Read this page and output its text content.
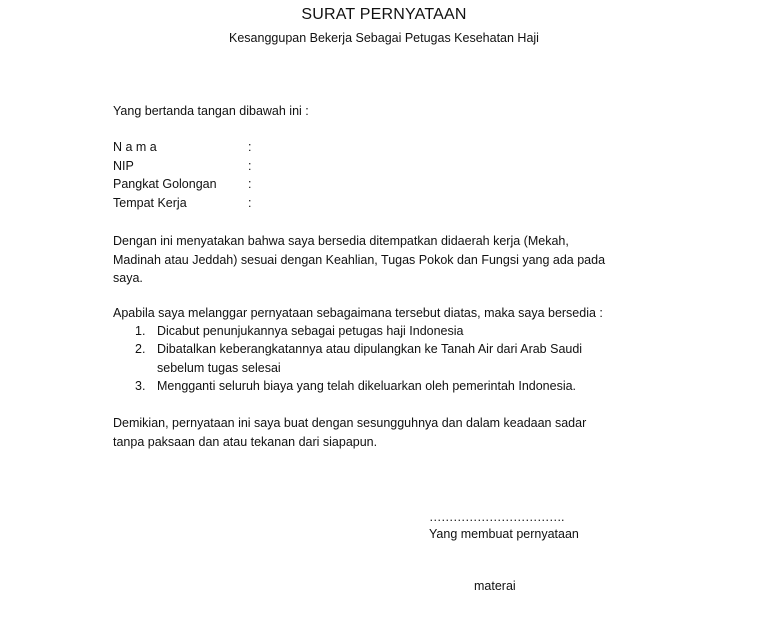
SURAT PERNYATAAN
Kesanggupan Bekerja Sebagai Petugas Kesehatan Haji
Yang bertanda tangan dibawah ini :
N a m a	:
NIP	:
Pangkat Golongan	:
Tempat Kerja	:
Dengan ini menyatakan bahwa saya bersedia ditempatkan didaerah kerja (Mekah,
Madinah atau Jeddah) sesuai dengan Keahlian, Tugas Pokok dan Fungsi yang ada pada
saya.
Apabila saya melanggar pernyataan sebagaimana tersebut diatas, maka saya bersedia :
1. Dicabut penunjukannya sebagai petugas haji Indonesia
2. Dibatalkan keberangkatannya atau dipulangkan ke Tanah Air dari Arab Saudi
sebelum tugas selesai
3. Mengganti seluruh biaya yang telah dikeluarkan oleh pemerintah Indonesia.
Demikian, pernyataan ini saya buat dengan sesungguhnya dan dalam keadaan sadar
tanpa paksaan dan atau tekanan dari siapapun.
…………………………….
Yang membuat pernyataan
materai
